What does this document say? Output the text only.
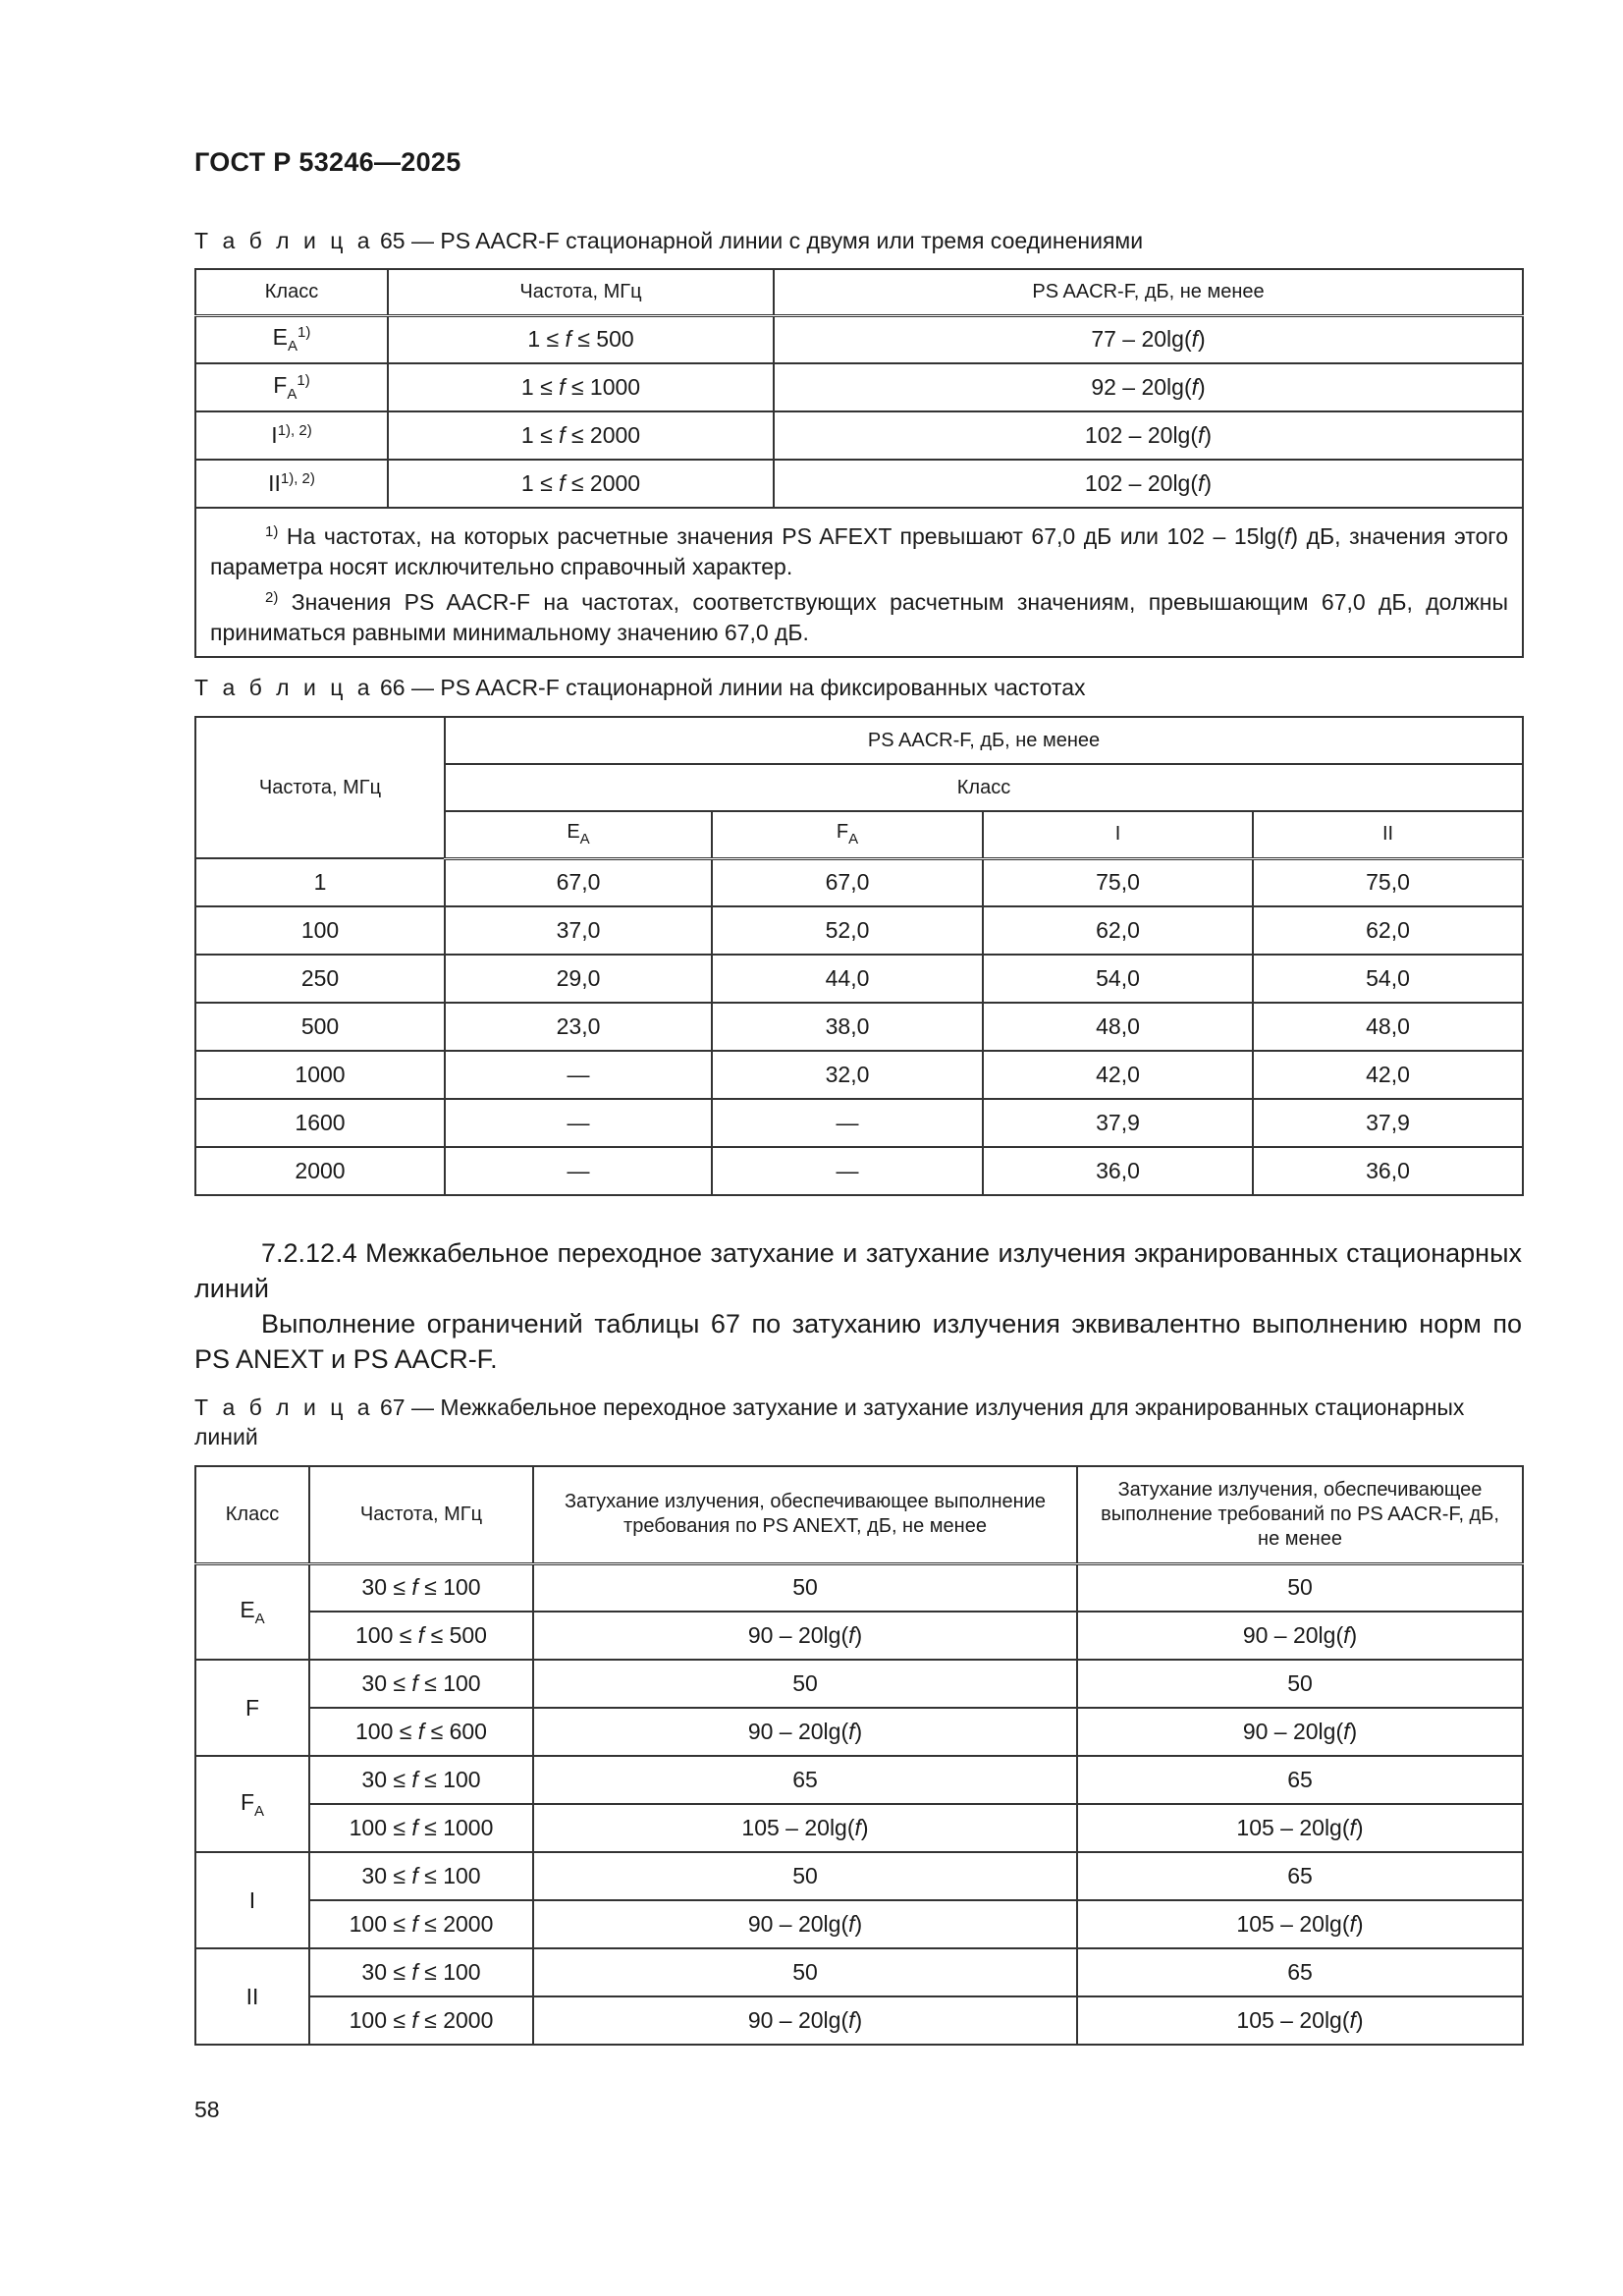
ГОСТ Р 53246—2025
Т а б л и ц а 65 — PS AACR-F стационарной линии с двумя или тремя соединениями
Класс	Частота, МГц	PS AACR-F, дБ, не менее
$E_A^{1)}$	1 ≤ f ≤ 500	77 – 20lg(f)
$F_A^{1)}$	1 ≤ f ≤ 1000	92 – 20lg(f)
$I^{1), 2)}$	1 ≤ f ≤ 2000	102 – 20lg(f)
$II^{1), 2)}$	1 ≤ f ≤ 2000	102 – 20lg(f)

$^{1)}$ На частотах, на которых расчетные значения PS AFEXT превышают 67,0 дБ или 102 – 15lg(f) дБ, значения этого параметра носят исключительно справочный характер.

$^{2)}$ Значения PS AACR-F на частотах, соответствующих расчетным значениям, превышающим 67,0 дБ, должны приниматься равными минимальному значению 67,0 дБ.		

Т а б л и ц а 66 — PS AACR-F стационарной линии на фиксированных частотах
Частота, МГц	PS AACR-F, дБ, не менее			
	Класс			
	$E_A$	$F_A$	I	II
1	67,0	67,0	75,0	75,0
100	37,0	52,0	62,0	62,0
250	29,0	44,0	54,0	54,0
500	23,0	38,0	48,0	48,0
1000	—	32,0	42,0	42,0
1600	—	—	37,9	37,9
2000	—	—	36,0	36,0

7.2.12.4 Межкабельное переходное затухание и затухание излучения экранированных стационарных линий

Выполнение ограничений таблицы 67 по затуханию излучения эквивалентно выполнению норм по PS ANEXT и PS AACR-F.

Т а б л и ц а 67 — Межкабельное переходное затухание и затухание излучения для экранированных стационарных линий
Класс	Частота, МГц	Затухание излучения, обеспечивающее выполнение требования по PS ANEXT, дБ, не менее	Затухание излучения, обеспечивающее выполнение требований по PS AACR-F, дБ, не менее
$E_A$	30 ≤ f ≤ 100	50	50
	100 ≤ f ≤ 500	90 – 20lg(f)	90 – 20lg(f)
F	30 ≤ f ≤ 100	50	50
	100 ≤ f ≤ 600	90 – 20lg(f)	90 – 20lg(f)
$F_A$	30 ≤ f ≤ 100	65	65
	100 ≤ f ≤ 1000	105 – 20lg(f)	105 – 20lg(f)
I	30 ≤ f ≤ 100	50	65
	100 ≤ f ≤ 2000	90 – 20lg(f)	105 – 20lg(f)
II	30 ≤ f ≤ 100	50	65
	100 ≤ f ≤ 2000	90 – 20lg(f)	105 – 20lg(f)
58
